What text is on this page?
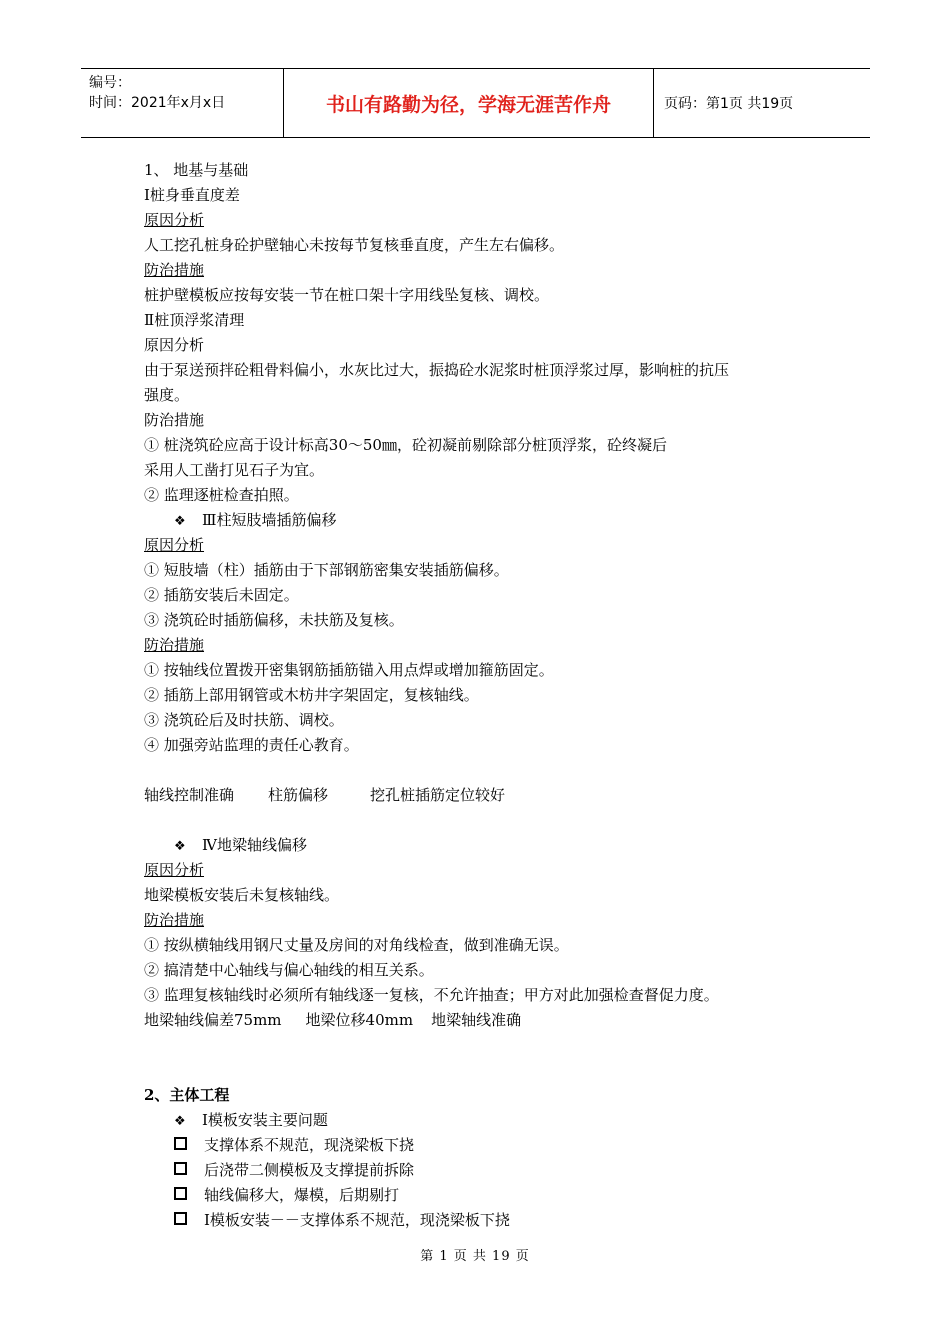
编号：
时间：2021年x月x日	书山有路勤为径，学海无涯苦作舟	页码：第1页 共19页
1、 地基与基础
Ⅰ桩身垂直度差
原因分析
人工挖孔桩身砼护壁轴心未按每节复核垂直度，产生左右偏移。
防治措施
桩护壁模板应按每安装一节在桩口架十字用线坠复核、调校。
Ⅱ桩顶浮浆清理
原因分析
由于泵送预拌砼粗骨料偏小，水灰比过大，振捣砼水泥浆时桩顶浮浆过厚，影响桩的抗压
强度。
防治措施
① 桩浇筑砼应高于设计标高30～50㎜，砼初凝前剔除部分桩顶浮浆，砼终凝后
采用人工凿打见石子为宜。
② 监理逐桩检查拍照。
❖ Ⅲ柱短肢墙插筋偏移
原因分析
① 短肢墙（柱）插筋由于下部钢筋密集安装插筋偏移。
② 插筋安装后未固定。
③ 浇筑砼时插筋偏移，未扶筋及复核。
防治措施
① 按轴线位置拨开密集钢筋插筋锚入用点焊或增加箍筋固定。
② 插筋上部用钢管或木枋井字架固定，复核轴线。
③ 浇筑砼后及时扶筋、调校。
④ 加强旁站监理的责任心教育。
轴线控制准确 柱筋偏移	挖孔桩插筋定位较好
❖ Ⅳ地梁轴线偏移
原因分析
地梁模板安装后未复核轴线。
防治措施
① 按纵横轴线用钢尺丈量及房间的对角线检查，做到准确无误。
② 搞清楚中心轴线与偏心轴线的相互关系。
③ 监理复核轴线时必须所有轴线逐一复核，不允许抽查；甲方对此加强检查督促力度。
地梁轴线偏差75mm 地梁位移40mm 地梁轴线准确
2、主体工程
❖ Ⅰ模板安装主要问题
支撑体系不规范，现浇梁板下挠
后浇带二侧模板及支撑提前拆除
轴线偏移大，爆模，后期剔打
Ⅰ模板安装－－支撑体系不规范，现浇梁板下挠
第 1 页 共 19 页
